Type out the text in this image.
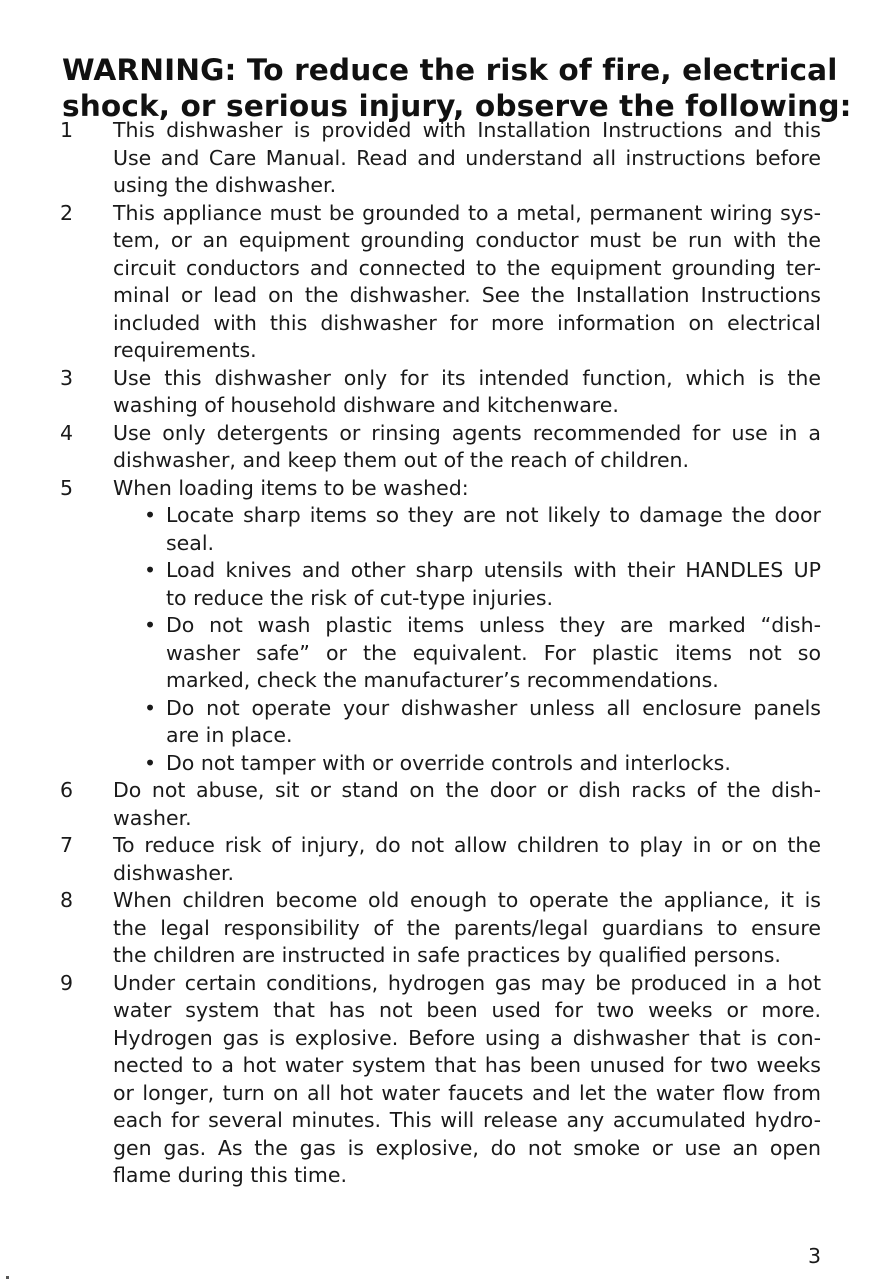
WARNING: To reduce the risk of fire, electrical
shock, or serious injury, observe the following:
1 This dishwasher is provided with Installation Instructions and this
Use and Care Manual. Read and understand all instructions before
using the dishwasher.
2 This appliance must be grounded to a metal, permanent wiring sys-
tem, or an equipment grounding conductor must be run with the
circuit conductors and connected to the equipment grounding ter-
minal or lead on the dishwasher. See the Installation Instructions
included with this dishwasher for more information on electrical
requirements.
3 Use this dishwasher only for its intended function, which is the
washing of household dishware and kitchenware.
4 Use only detergents or rinsing agents recommended for use in a
dishwasher, and keep them out of the reach of children.
5 When loading items to be washed:
• Locate sharp items so they are not likely to damage the door
seal.
• Load knives and other sharp utensils with their HANDLES UP
to reduce the risk of cut-type injuries.
• Do not wash plastic items unless they are marked “dish-
washer safe” or the equivalent. For plastic items not so
marked, check the manufacturer’s recommendations.
• Do not operate your dishwasher unless all enclosure panels
are in place.
• Do not tamper with or override controls and interlocks.
6 Do not abuse, sit or stand on the door or dish racks of the dish-
washer.
7 To reduce risk of injury, do not allow children to play in or on the
dishwasher.
8 When children become old enough to operate the appliance, it is
the legal responsibility of the parents/legal guardians to ensure
the children are instructed in safe practices by qualified persons.
9 Under certain conditions, hydrogen gas may be produced in a hot
water system that has not been used for two weeks or more.
Hydrogen gas is explosive. Before using a dishwasher that is con-
nected to a hot water system that has been unused for two weeks
or longer, turn on all hot water faucets and let the water flow from
each for several minutes. This will release any accumulated hydro-
gen gas. As the gas is explosive, do not smoke or use an open
flame during this time.
3
